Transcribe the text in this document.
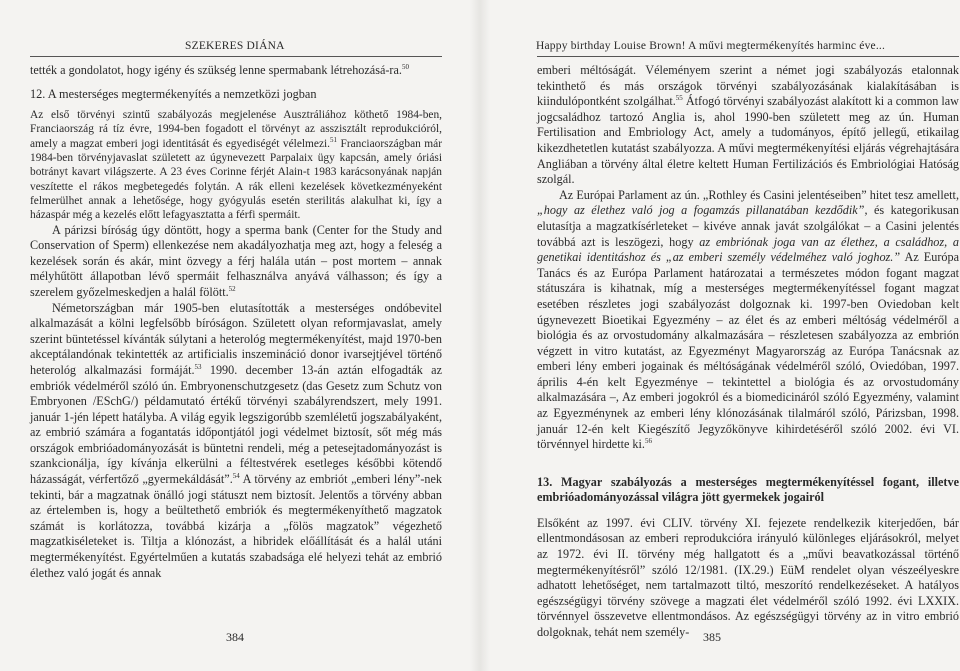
SZEKERES DIÁNA

tették a gondolatot, hogy igény és szükség lenne spermabank létrehozásá-ra.$^{50}$

12. A mesterséges megtermékenyítés a nemzetközi jogban

Az első törvényi szintű szabályozás megjelenése Ausztráliához köthető 1984-ben, Franciaország rá tíz évre, 1994-ben fogadott el törvényt az asszisztált reprodukcióról, amely a magzat emberi jogi identitását és egyediségét vélelmezi.$^{51}$ Franciaországban már 1984-ben törvényjavaslat született az úgynevezett Parpalaix ügy kapcsán, amely óriási botrányt kavart világszerte. A 23 éves Corinne férjét Alain-t 1983 karácsonyának napján veszítette el rákos megbetegedés folytán. A rák elleni kezelések következményeként felmerülhet annak a lehetősége, hogy gyógyulás esetén sterilitás alakulhat ki, így a házaspár még a kezelés előtt lefagyasztatta a férfi spermáit.

A párizsi bíróság úgy döntött, hogy a sperma bank (Center for the Study and Conservation of Sperm) ellenkezése nem akadályozhatja meg azt, hogy a feleség a kezelések során és akár, mint özvegy a férj halála után – post mortem – annak mélyhűtött állapotban lévő spermáit felhasználva anyává válhasson; és így a szerelem győzelmeskedjen a halál fölött.$^{52}$

Németországban már 1905-ben elutasították a mesterséges ondóbevitel alkalmazását a kölni legfelsőbb bíróságon. Született olyan reformjavaslat, amely szerint büntetéssel kívánták súlytani a heterológ megtermékenyítést, majd 1970-ben akceptálandónak tekintették az artificialis inszemináció donor ivarsejtjével történő heterológ alkalmazási formáját.$^{53}$ 1990. december 13-án aztán elfogadták az embriók védelméről szóló ún. Embryonenschutzgesetz (das Gesetz zum Schutz von Embryonen /ESchG/) példamutató értékű törvényi szabályrendszert, mely 1991. január 1-jén lépett hatályba. A világ egyik legszigorúbb szemléletű jogszabályaként, az embrió számára a fogantatás időpontjától jogi védelmet biztosít, sőt még más országok embrióadományozását is büntetni rendeli, még a petesejtadományozást is szankcionálja, így kívánja elkerülni a féltestvérek esetleges későbbi kötendő házasságát, vérfertőző „gyermekáldását”.$^{54}$ A törvény az embriót „emberi lény”-nek tekinti, bár a magzatnak önálló jogi státuszt nem biztosít. Jelentős a törvény abban az értelemben is, hogy a beültethető embriók és megtermékenyíthető magzatok számát is korlátozza, továbbá kizárja a „fölös magzatok” végezhető magzatkiséleteket is. Tiltja a klónozást, a hibridek előállítását és a halál utáni megtermékenyítést. Egyértelműen a kutatás szabadsága elé helyezi tehát az embrió élethez való jogát és annak

384
Happy birthday Louise Brown! A művi megtermékenyítés harminc éve...

emberi méltóságát. Véleményem szerint a német jogi szabályozás etalonnak tekinthető és más országok törvényi szabályozásának kialakításában is kiindulópontként szolgálhat.$^{55}$ Átfogó törvényi szabályozást alakított ki a common law jogcsaládhoz tartozó Anglia is, ahol 1990-ben született meg az ún. Human Fertilisation and Embriology Act, amely a tudományos, építő jellegű, etikailag kikezdhetetlen kutatást szabályozza. A művi megtermékenyítési eljárás végrehajtására Angliában a törvény által életre keltett Human Fertilizációs és Embriológiai Hatóság szolgál.

Az Európai Parlament az ún. „Rothley és Casini jelentéseiben” hitet tesz amellett, „hogy az élethez való jog a fogamzás pillanatában kezdődik”, és kategorikusan elutasítja a magzatkísérleteket – kivéve annak javát szolgálókat – a Casini jelentés továbbá azt is leszögezi, hogy az embriónak joga van az élethez, a családhoz, a genetikai identitáshoz és „az emberi személy védelméhez való joghoz.” Az Európa Tanács és az Európa Parlament határozatai a természetes módon fogant magzat státuszára is kihatnak, míg a mesterséges megtermékenyítéssel fogant magzat esetében részletes jogi szabályozást dolgoznak ki. 1997-ben Oviedoban kelt úgynevezett Bioetikai Egyezmény – az élet és az emberi méltóság védelméről a biológia és az orvostudomány alkalmazására – részletesen szabályozza az embrión végzett in vitro kutatást, az Egyezményt Magyarország az Európa Tanácsnak az emberi lény emberi jogainak és méltóságának védelméről szóló, Oviedóban, 1997. április 4-én kelt Egyezménye – tekintettel a biológia és az orvostudomány alkalmazására –, Az emberi jogokról és a biomedicináról szóló Egyezmény, valamint az Egyezménynek az emberi lény klónozásának tilalmáról szóló, Párizsban, 1998. január 12-én kelt Kiegészítő Jegyzőkönyve kihirdetéséről szóló 2002. évi VI. törvénnyel hirdette ki.$^{56}$

13. Magyar szabályozás a mesterséges megtermékenyítéssel fogant, illetve embrióadományozással világra jött gyermekek jogairól

Elsőként az 1997. évi CLIV. törvény XI. fejezete rendelkezik kiterjedően, bár ellentmondásosan az emberi reprodukcióra irányuló különleges eljárásokról, melyet az 1972. évi II. törvény még hallgatott és a „művi beavatkozással történő megtermékenyítésről” szóló 12/1981. (IX.29.) EüM rendelet olyan vészeélyeskre adhatott lehetőséget, nem tartalmazott tiltó, meszorító rendelkezéseket. A hatályos egészségügyi törvény szövege a magzati élet védelméről szóló 1992. évi LXXIX. törvénnyel összevetve ellentmondásos. Az egészségügyi törvény az in vitro embrió dolgoknak, tehát nem személy-	385
